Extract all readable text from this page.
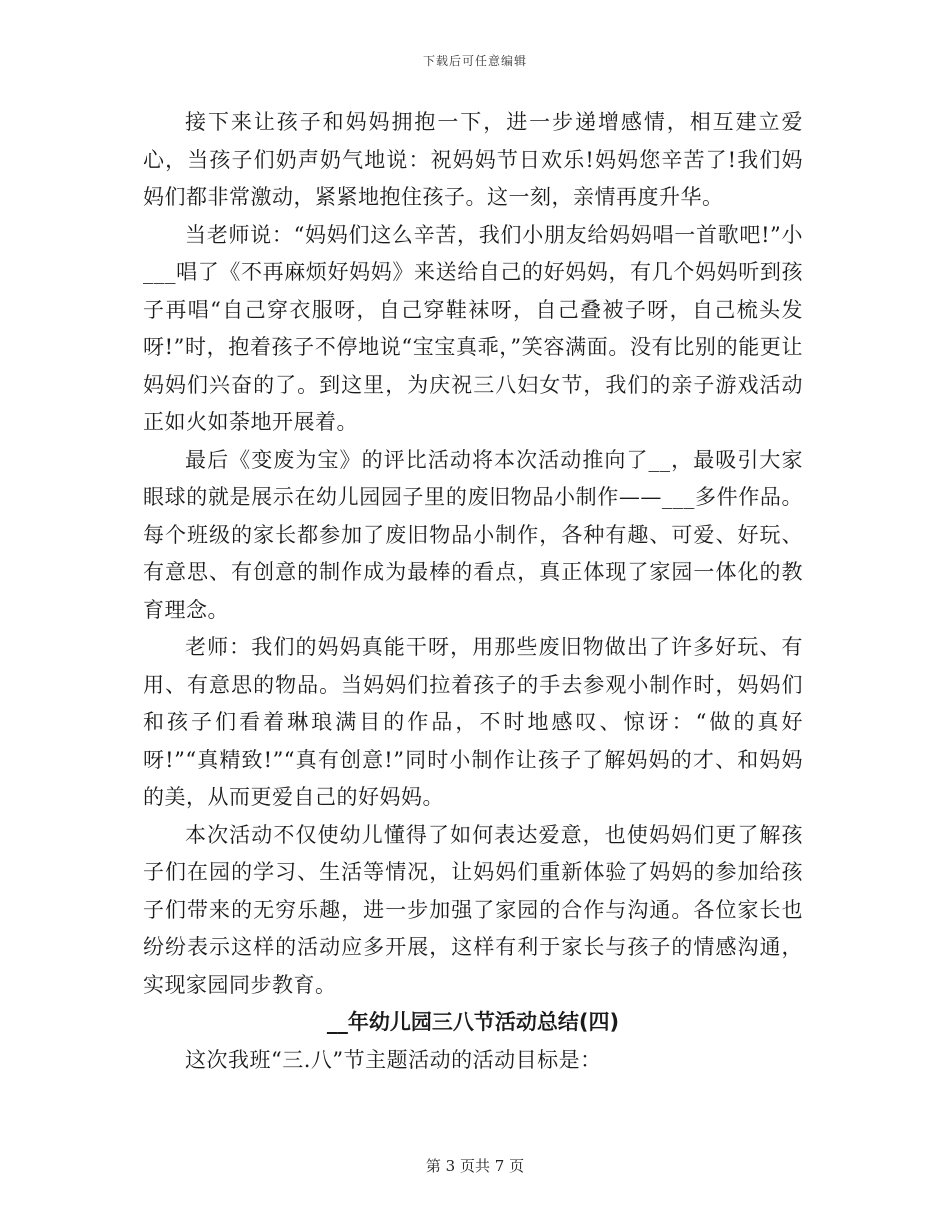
下载后可任意编辑

接下来让孩子和妈妈拥抱一下，进一步递增感情，相互建立爱心，当孩子们奶声奶气地说：祝妈妈节日欢乐!妈妈您辛苦了!我们妈妈们都非常激动，紧紧地抱住孩子。这一刻，亲情再度升华。

当老师说：“妈妈们这么辛苦，我们小朋友给妈妈唱一首歌吧!”小___唱了《不再麻烦好妈妈》来送给自己的好妈妈，有几个妈妈听到孩子再唱“自己穿衣服呀，自己穿鞋袜呀，自己叠被子呀，自己梳头发呀!”时，抱着孩子不停地说“宝宝真乖，”笑容满面。没有比别的能更让妈妈们兴奋的了。到这里，为庆祝三八妇女节，我们的亲子游戏活动正如火如荼地开展着。

最后《变废为宝》的评比活动将本次活动推向了__，最吸引大家眼球的就是展示在幼儿园园子里的废旧物品小制作——___多件作品。每个班级的家长都参加了废旧物品小制作，各种有趣、可爱、好玩、有意思、有创意的制作成为最棒的看点，真正体现了家园一体化的教育理念。

老师：我们的妈妈真能干呀，用那些废旧物做出了许多好玩、有用、有意思的物品。当妈妈们拉着孩子的手去参观小制作时，妈妈们和孩子们看着琳琅满目的作品，不时地感叹、惊讶：“做的真好呀!”“真精致!”“真有创意!”同时小制作让孩子了解妈妈的才、和妈妈的美，从而更爱自己的好妈妈。

本次活动不仅使幼儿懂得了如何表达爱意，也使妈妈们更了解孩子们在园的学习、生活等情况，让妈妈们重新体验了妈妈的参加给孩子们带来的无穷乐趣，进一步加强了家园的合作与沟通。各位家长也纷纷表示这样的活动应多开展，这样有利于家长与孩子的情感沟通，实现家园同步教育。

__年幼儿园三八节活动总结(四)

这次我班“三.八”节主题活动的活动目标是：

第 3 页共 7 页
